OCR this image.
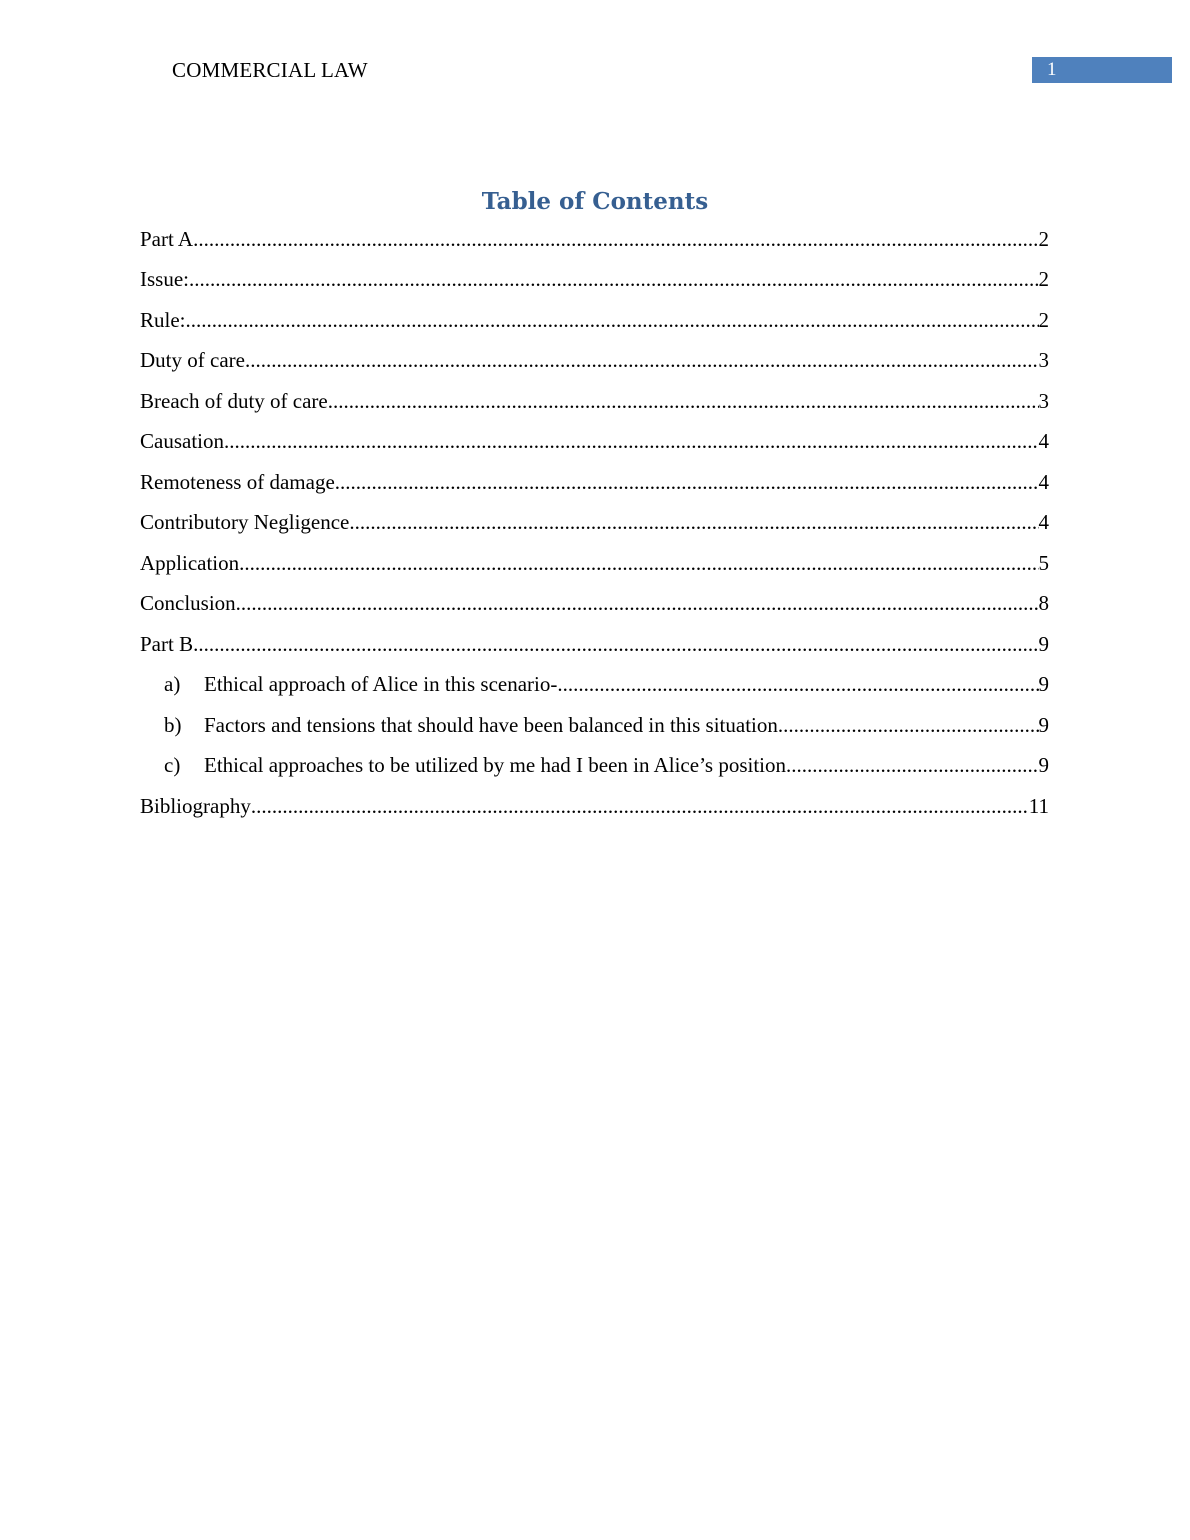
COMMERCIAL LAW	1
Table of Contents
Part A .....	2
Issue: .....	2
Rule: .....	2
Duty of care .....	3
Breach of duty of care .....	3
Causation .....	4
Remoteness of damage .....	4
Contributory Negligence .....	4
Application .....	5
Conclusion .....	8
Part B .....	9
a) Ethical approach of Alice in this scenario- .....	9
b) Factors and tensions that should have been balanced in this situation .....	9
c) Ethical approaches to be utilized by me had I been in Alice’s position .....	9
Bibliography .....	11
